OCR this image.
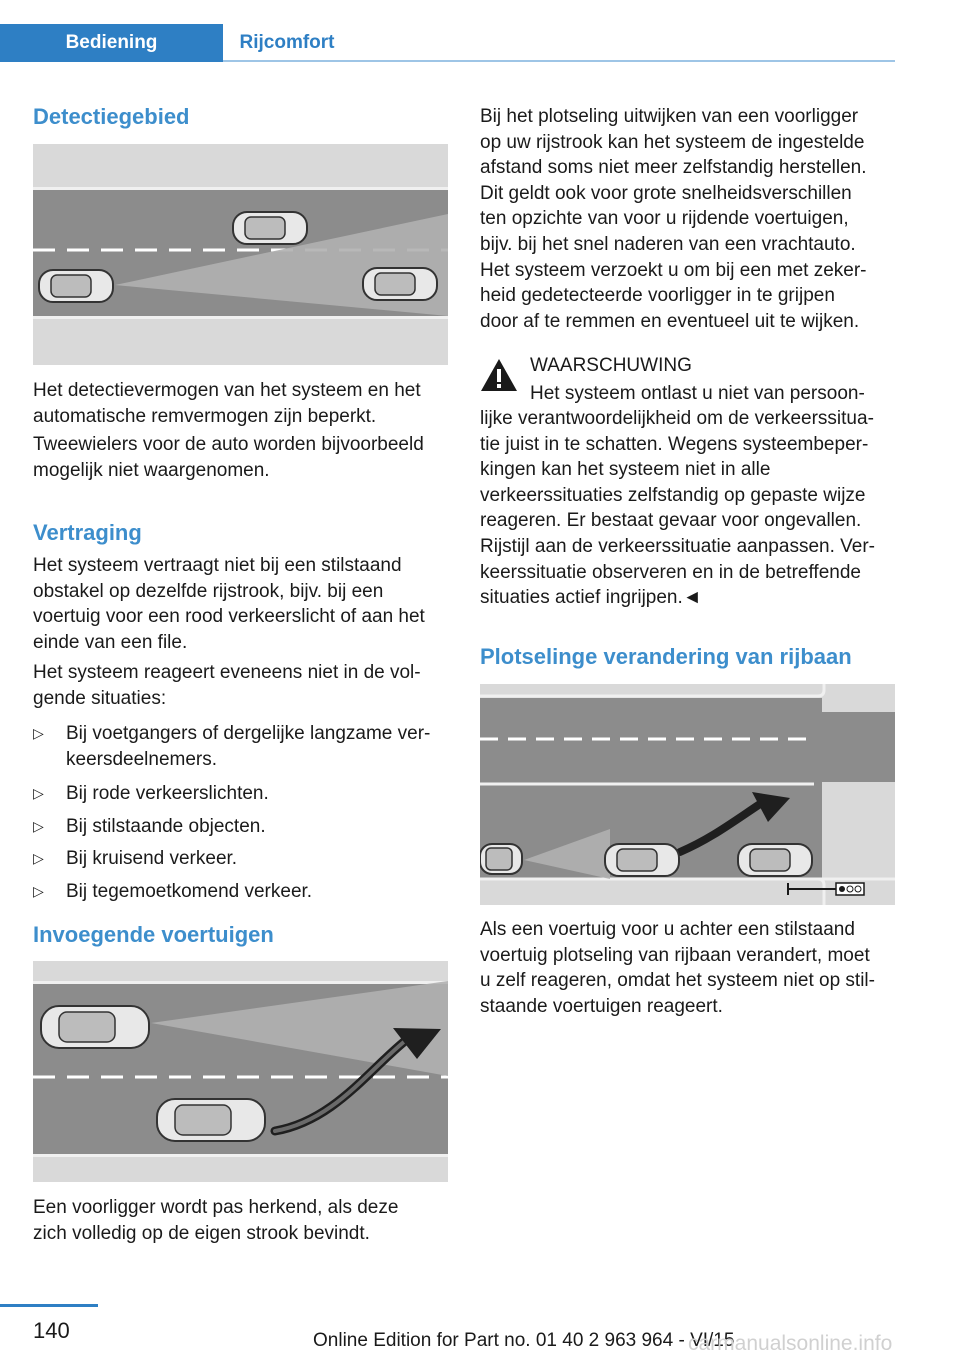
Bediening	Rijcomfort
Detectiegebied

Het detectievermogen van het systeem en het
automatische remvermogen zijn beperkt.

Tweewielers voor de auto worden bijvoorbeeld
mogelijk niet waargenomen.

Vertraging

Het systeem vertraagt niet bij een stilstaand
obstakel op dezelfde rijstrook, bijv. bij een
voertuig voor een rood verkeerslicht of aan het
einde van een file.

Het systeem reageert eveneens niet in de vol‐
gende situaties:

▷ Bij voetgangers of dergelijke langzame ver‐
keersdeelnemers.
▷ Bij rode verkeerslichten.
▷ Bij stilstaande objecten.
▷ Bij kruisend verkeer.
▷ Bij tegemoetkomend verkeer.
Invoegende voertuigen

Een voorligger wordt pas herkend, als deze
zich volledig op de eigen strook bevindt.

Bij het plotseling uitwijken van een voorligger
op uw rijstrook kan het systeem de ingestelde
afstand soms niet meer zelfstandig herstellen.
Dit geldt ook voor grote snelheidsverschillen
ten opzichte van voor u rijdende voertuigen,
bijv. bij het snel naderen van een vrachtauto.
Het systeem verzoekt u om bij een met zeker‐
heid gedetecteerde voorligger in te grijpen
door af te remmen en eventueel uit te wijken.

WAARSCHUWING

Het systeem ontlast u niet van persoon‐

lijke verantwoordelijkheid om de verkeerssitua‐
tie juist in te schatten. Wegens systeembeper‐
kingen kan het systeem niet in alle
verkeerssituaties zelfstandig op gepaste wijze
reageren. Er bestaat gevaar voor ongevallen.
Rijstijl aan de verkeerssituatie aanpassen. Ver‐
keerssituatie observeren en in de betreffende
situaties actief ingrijpen.◄

Plotselinge verandering van rijbaan

Als een voertuig voor u achter een stilstaand
voertuig plotseling van rijbaan verandert, moet
u zelf reageren, omdat het systeem niet op stil‐
staande voertuigen reageert.

140	Online Edition for Part no. 01 40 2 963 964 - VI/15
carmanualsonline.info
